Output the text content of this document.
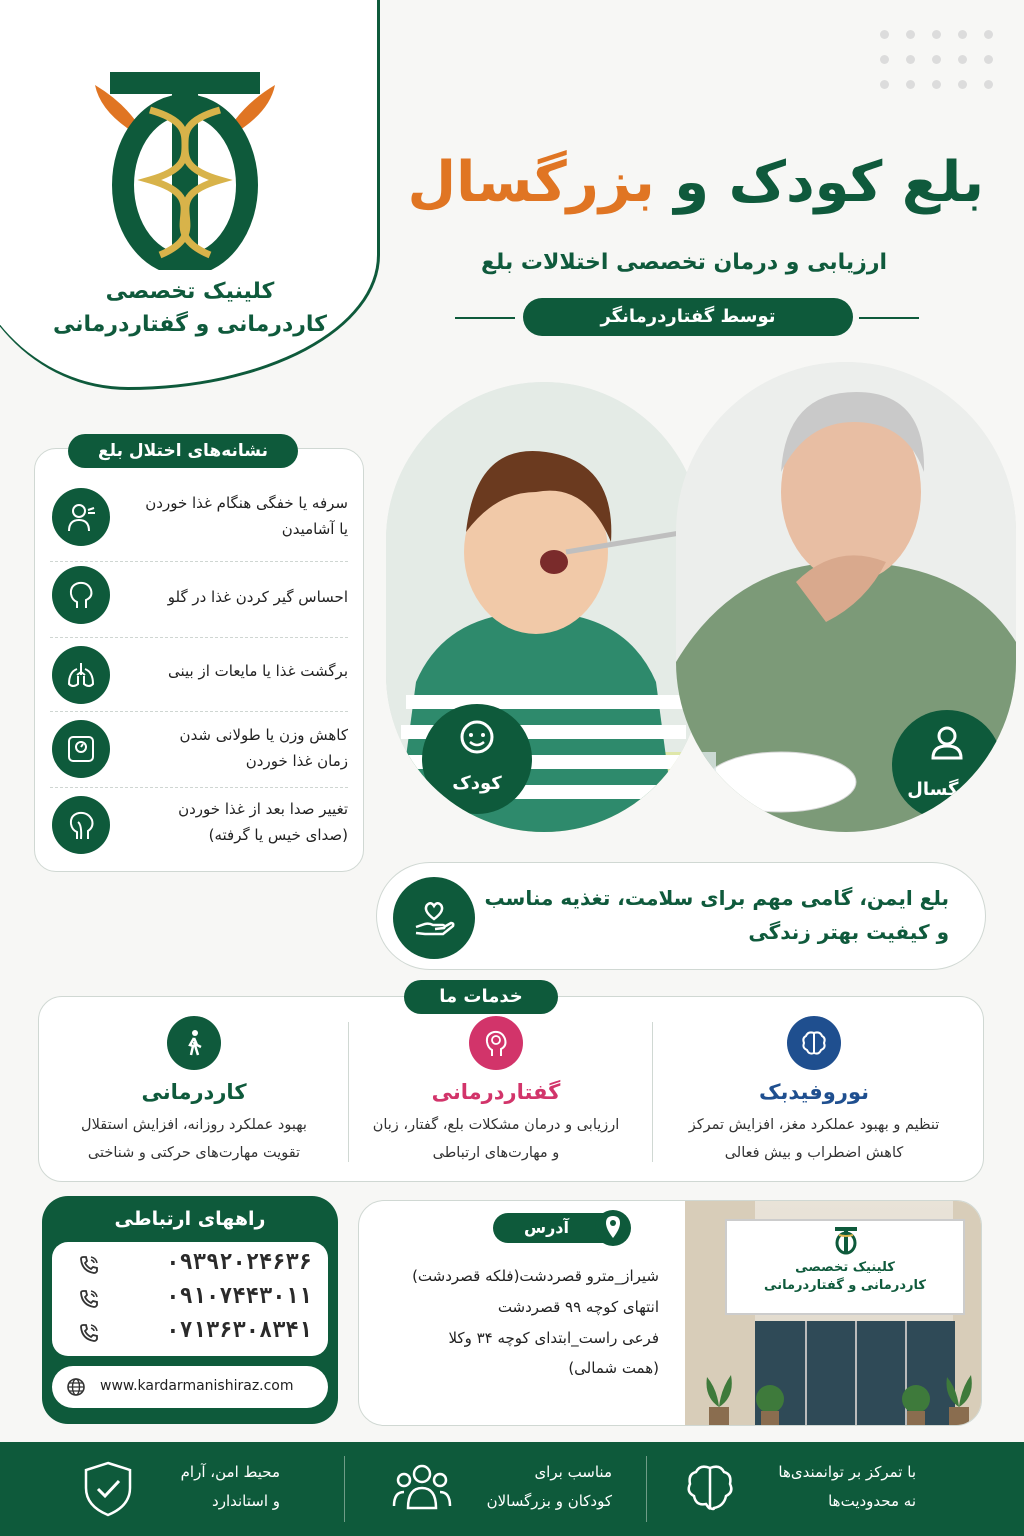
کلینیک تخصصی
کاردرمانی و گفتاردرمانی
بلع کودک و بزرگسال
ارزیابی و درمان تخصصی اختلالات بلع
توسط گفتاردرمانگر
کودک	بزرگسال
نشانه‌های اختلال بلع
سرفه یا خفگی هنگام غذا خوردن
یا آشامیدن
احساس گیر کردن غذا در گلو
برگشت غذا یا مایعات از بینی
کاهش وزن یا طولانی شدن
زمان غذا خوردن
تغییر صدا بعد از غذا خوردن
(صدای خیس یا گرفته)
بلع ایمن، گامی مهم برای سلامت، تغذیه مناسب
و کیفیت بهتر زندگی
خدمات ما
نوروفیدبک
تنظیم و بهبود عملکرد مغز، افزایش تمرکز
کاهش اضطراب و بیش فعالی
گفتاردرمانی
ارزیابی و درمان مشکلات بلع، گفتار، زبان
و مهارت‌های ارتباطی
کاردرمانی
بهبود عملکرد روزانه، افزایش استقلال
تقویت مهارت‌های حرکتی و شناختی
راههای ارتباطی
۰۹۳۹۲۰۲۴۶۳۶
۰۹۱۰۷۴۴۳۰۱۱
۰۷۱۳۶۳۰۸۳۴۱
www.kardarmanishiraz.com
آدرس
شیراز_مترو قصردشت(فلکه قصردشت)
انتهای کوچه ۹۹ قصردشت
فرعی راست_ابتدای کوچه ۳۴ وکلا
(همت شمالی)
کلینیک تخصصی
کاردرمانی و گفتاردرمانی
با تمرکز بر توانمندی‌ها
نه محدودیت‌ها
مناسب برای
کودکان و بزرگسالان
محیط امن، آرام
و استاندارد
